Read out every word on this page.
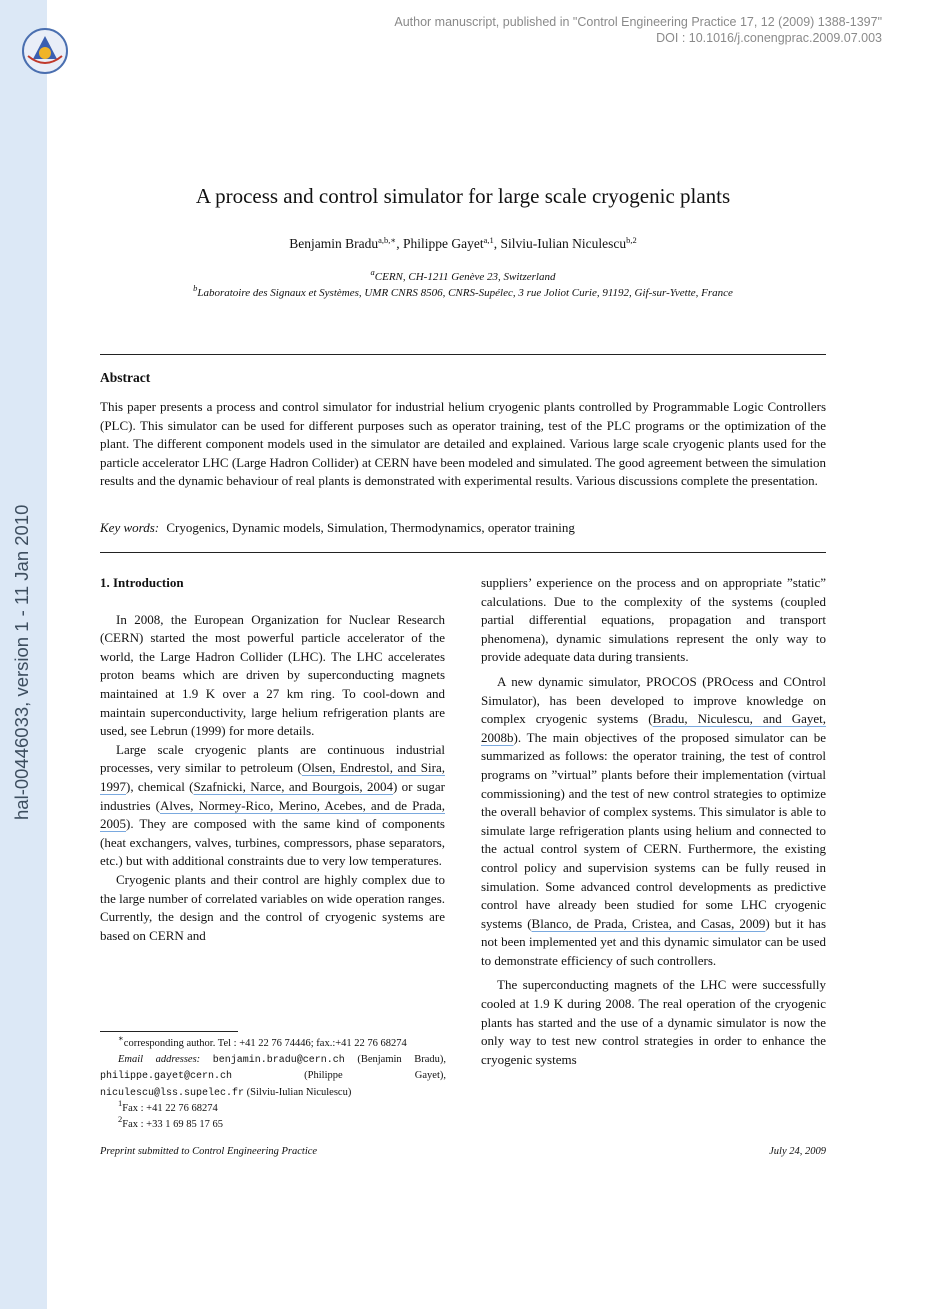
hal-00446033, version 1 - 11 Jan 2010
Author manuscript, published in "Control Engineering Practice 17, 12 (2009) 1388-1397"
DOI : 10.1016/j.conengprac.2009.07.003
A process and control simulator for large scale cryogenic plants
Benjamin Bradu$^{a,b,∗}$, Philippe Gayet$^{a,1}$, Silviu-Iulian Niculescu$^{b,2}$
$^a$CERN, CH-1211 Genève 23, Switzerland
$^b$Laboratoire des Signaux et Systèmes, UMR CNRS 8506, CNRS-Supélec, 3 rue Joliot Curie, 91192, Gif-sur-Yvette, France
Abstract
This paper presents a process and control simulator for industrial helium cryogenic plants controlled by Programmable Logic Controllers (PLC). This simulator can be used for different purposes such as operator training, test of the PLC programs or the optimization of the plant. The different component models used in the simulator are detailed and explained. Various large scale cryogenic plants used for the particle accelerator LHC (Large Hadron Collider) at CERN have been modeled and simulated. The good agreement between the simulation results and the dynamic behaviour of real plants is demonstrated with experimental results. Various discussions complete the presentation.
Key words: Cryogenics, Dynamic models, Simulation, Thermodynamics, operator training

1. Introduction

In 2008, the European Organization for Nuclear Research (CERN) started the most powerful particle accelerator of the world, the Large Hadron Collider (LHC). The LHC accelerates proton beams which are driven by superconducting magnets maintained at 1.9 K over a 27 km ring. To cool-down and maintain superconductivity, large helium refrigeration plants are used, see Lebrun (1999) for more details.

Large scale cryogenic plants are continuous industrial processes, very similar to petroleum (Olsen, Endrestol, and Sira, 1997), chemical (Szafnicki, Narce, and Bourgois, 2004) or sugar industries (Alves, Normey-Rico, Merino, Acebes, and de Prada, 2005). They are composed with the same kind of components (heat exchangers, valves, turbines, compressors, phase separators, etc.) but with additional constraints due to very low temperatures.

Cryogenic plants and their control are highly complex due to the large number of correlated variables on wide operation ranges. Currently, the design and the control of cryogenic systems are based on CERN and

suppliers’ experience on the process and on appropriate ”static” calculations. Due to the complexity of the systems (coupled partial differential equations, propagation and transport phenomena), dynamic simulations represent the only way to provide adequate data during transients.

A new dynamic simulator, PROCOS (PROcess and COntrol Simulator), has been developed to improve knowledge on complex cryogenic systems (Bradu, Niculescu, and Gayet, 2008b). The main objectives of the proposed simulator can be summarized as follows: the operator training, the test of control programs on ”virtual” plants before their implementation (virtual commissioning) and the test of new control strategies to optimize the overall behavior of complex systems. This simulator is able to simulate large refrigeration plants using helium and connected to the actual control system of CERN. Furthermore, the existing control policy and supervision systems can be fully reused in simulation. Some advanced control developments as predictive control have already been studied for some LHC cryogenic systems (Blanco, de Prada, Cristea, and Casas, 2009) but it has not been implemented yet and this dynamic simulator can be used to demonstrate efficiency of such controllers.

The superconducting magnets of the LHC were successfully cooled at 1.9 K during 2008. The real operation of the cryogenic plants has started and the use of a dynamic simulator is now the only way to test new control strategies in order to enhance the cryogenic systems

∗corresponding author. Tel : +41 22 76 74446; fax.:+41 22 76 68274

Email addresses: benjamin.bradu@cern.ch (Benjamin Bradu), philippe.gayet@cern.ch	(Philippe Gayet), niculescu@lss.supelec.fr (Silviu-Iulian Niculescu)

$^1$Fax : +41 22 76 68274

$^2$Fax : +33 1 69 85 17 65

Preprint submitted to Control Engineering Practice	July 24, 2009
